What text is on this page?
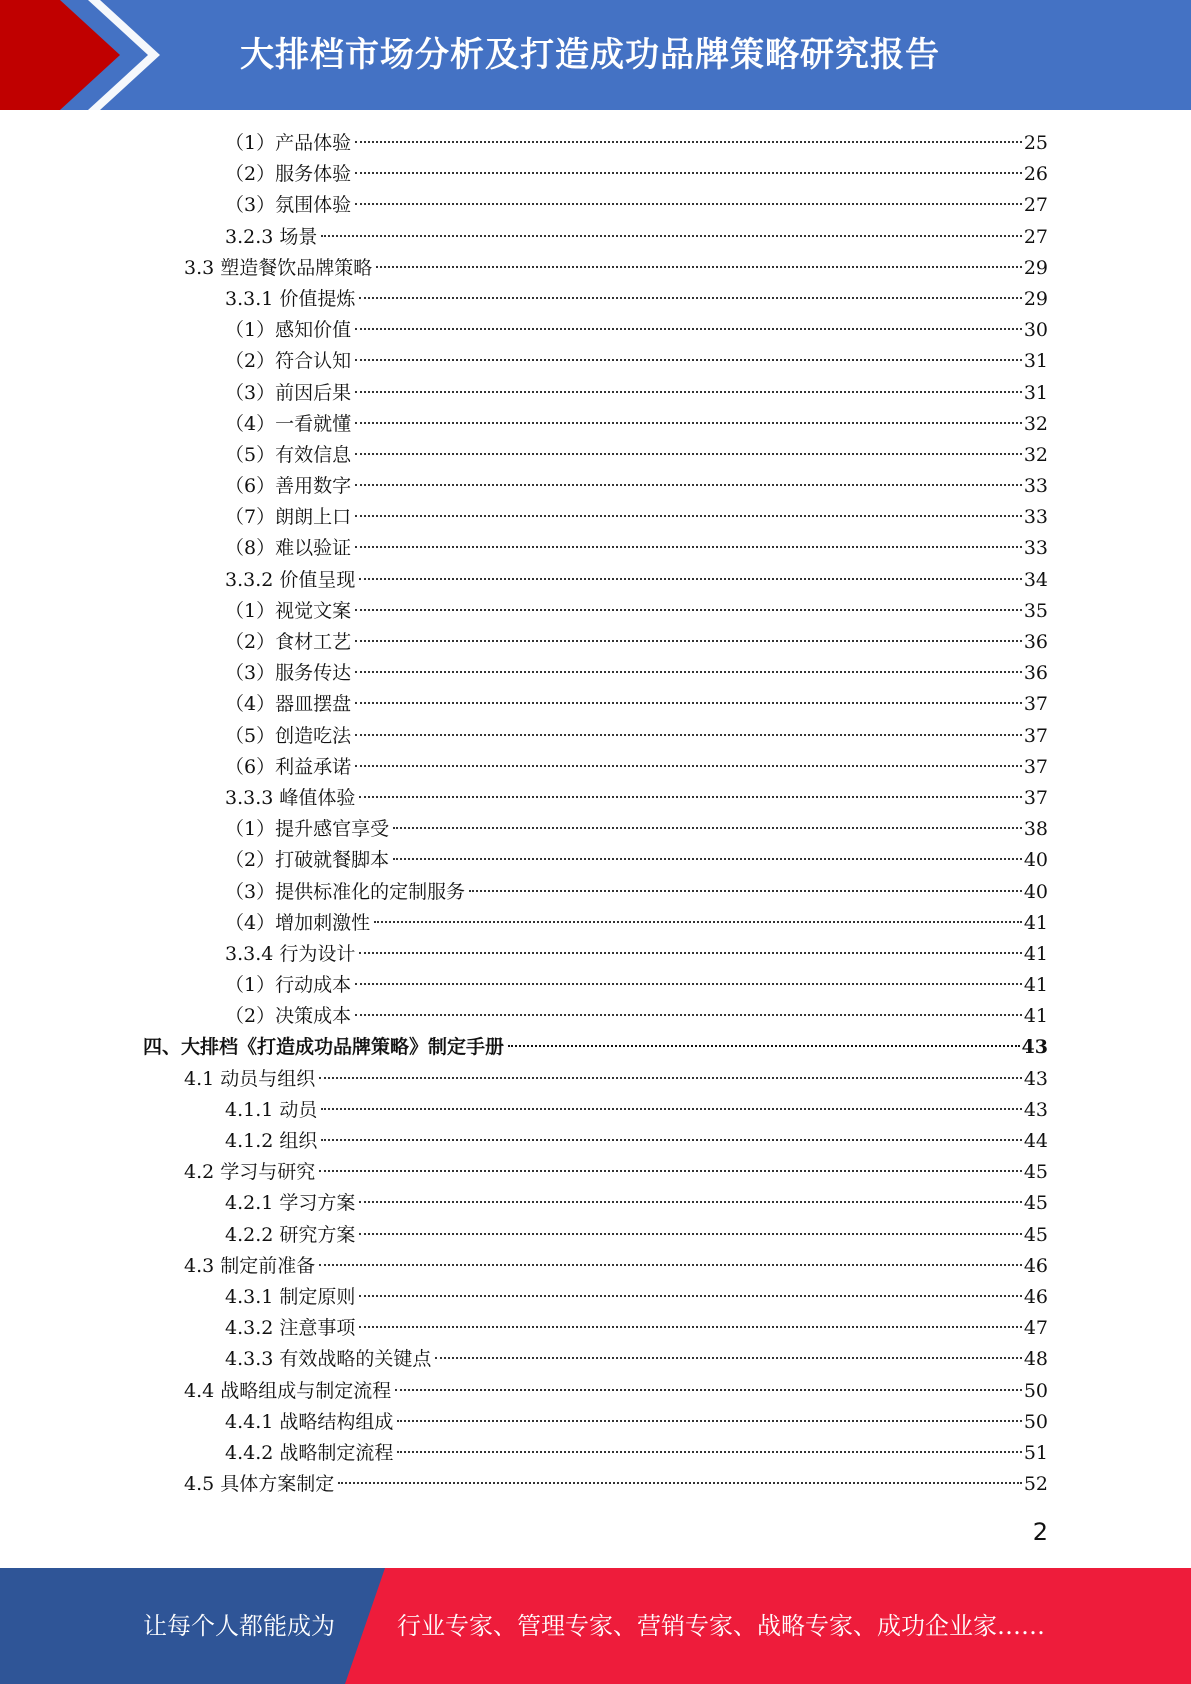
大排档市场分析及打造成功品牌策略研究报告
（1）产品体验	25
（2）服务体验	26
（3）氛围体验	27
3.2.3 场景	27
3.3 塑造餐饮品牌策略	29
3.3.1 价值提炼	29
（1）感知价值	30
（2）符合认知	31
（3）前因后果	31
（4）一看就懂	32
（5）有效信息	32
（6）善用数字	33
（7）朗朗上口	33
（8）难以验证	33
3.3.2 价值呈现	34
（1）视觉文案	35
（2）食材工艺	36
（3）服务传达	36
（4）器皿摆盘	37
（5）创造吃法	37
（6）利益承诺	37
3.3.3 峰值体验	37
（1）提升感官享受	38
（2）打破就餐脚本	40
（3）提供标准化的定制服务	40
（4）增加刺激性	41
3.3.4 行为设计	41
（1）行动成本	41
（2）决策成本	41
四、大排档《打造成功品牌策略》制定手册	43
4.1 动员与组织	43
4.1.1 动员	43
4.1.2 组织	44
4.2 学习与研究	45
4.2.1 学习方案	45
4.2.2 研究方案	45
4.3 制定前准备	46
4.3.1 制定原则	46
4.3.2 注意事项	47
4.3.3 有效战略的关键点	48
4.4 战略组成与制定流程	50
4.4.1 战略结构组成	50
4.4.2 战略制定流程	51
4.5 具体方案制定	52
2
让每个人都能成为	行业专家、管理专家、营销专家、战略专家、成功企业家……
